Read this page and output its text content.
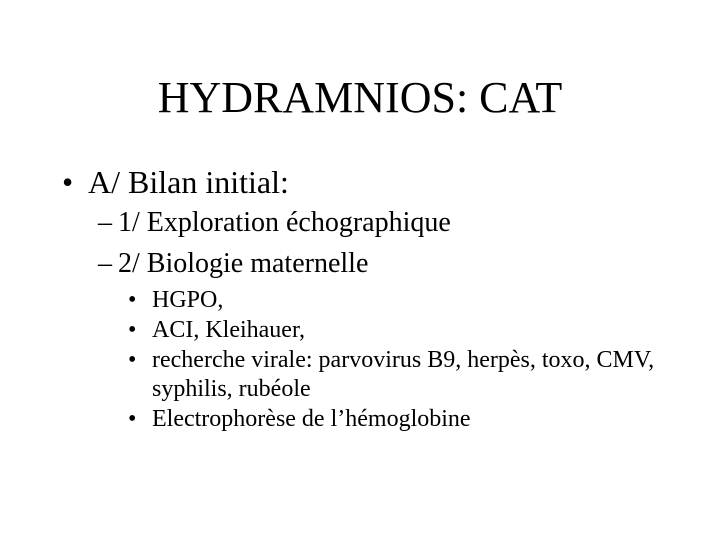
HYDRAMNIOS: CAT
• A/ Bilan initial:
– 1/ Exploration échographique
– 2/ Biologie maternelle
• HGPO,
• ACI, Kleihauer,
• recherche virale: parvovirus B9, herpès, toxo, CMV, syphilis, rubéole
• Electrophorèse de l’hémoglobine
